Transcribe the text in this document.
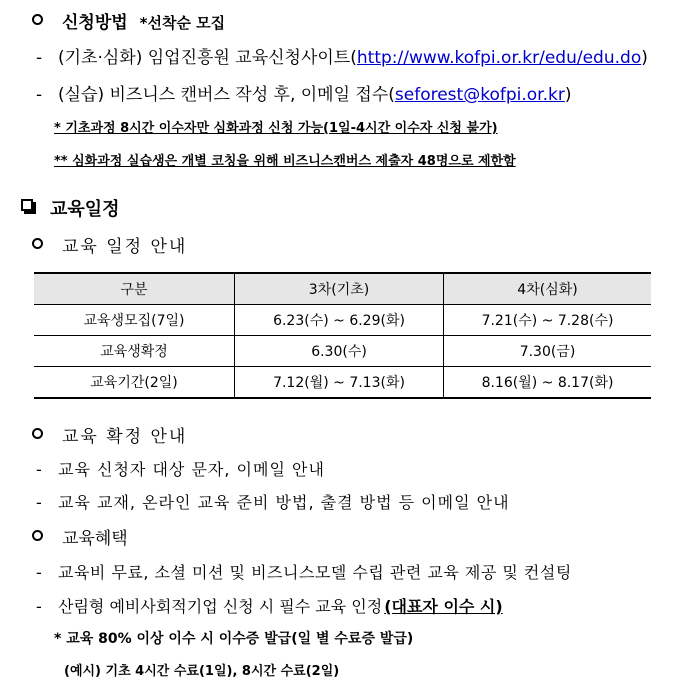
신청방법 *선착순 모집
- (기초·심화) 임업진흥원 교육신청사이트(http://www.kofpi.or.kr/edu/edu.do)
- (실습) 비즈니스 캔버스 작성 후, 이메일 접수(seforest@kofpi.or.kr)
* 기초과정 8시간 이수자만 심화과정 신청 가능(1일-4시간 이수자 신청 불가)
** 심화과정 실습생은 개별 코칭을 위해 비즈니스캔버스 제출자 48명으로 제한함
교육일정
교육 일정 안내
구분	3차(기초)	4차(심화)
교육생모집(7일)	6.23(수) ~ 6.29(화)	7.21(수) ~ 7.28(수)
교육생확정	6.30(수)	7.30(금)
교육기간(2일)	7.12(월) ~ 7.13(화)	8.16(월) ~ 8.17(화)
교육 확정 안내
- 교육 신청자 대상 문자, 이메일 안내
- 교육 교재, 온라인 교육 준비 방법, 출결 방법 등 이메일 안내
교육혜택
- 교육비 무료, 소셜 미션 및 비즈니스모델 수립 관련 교육 제공 및 컨설팅
- 산림형 예비사회적기업 신청 시 필수 교육 인정 (대표자 이수 시)
* 교육 80% 이상 이수 시 이수증 발급(일 별 수료증 발급)
(예시) 기초 4시간 수료(1일), 8시간 수료(2일)
